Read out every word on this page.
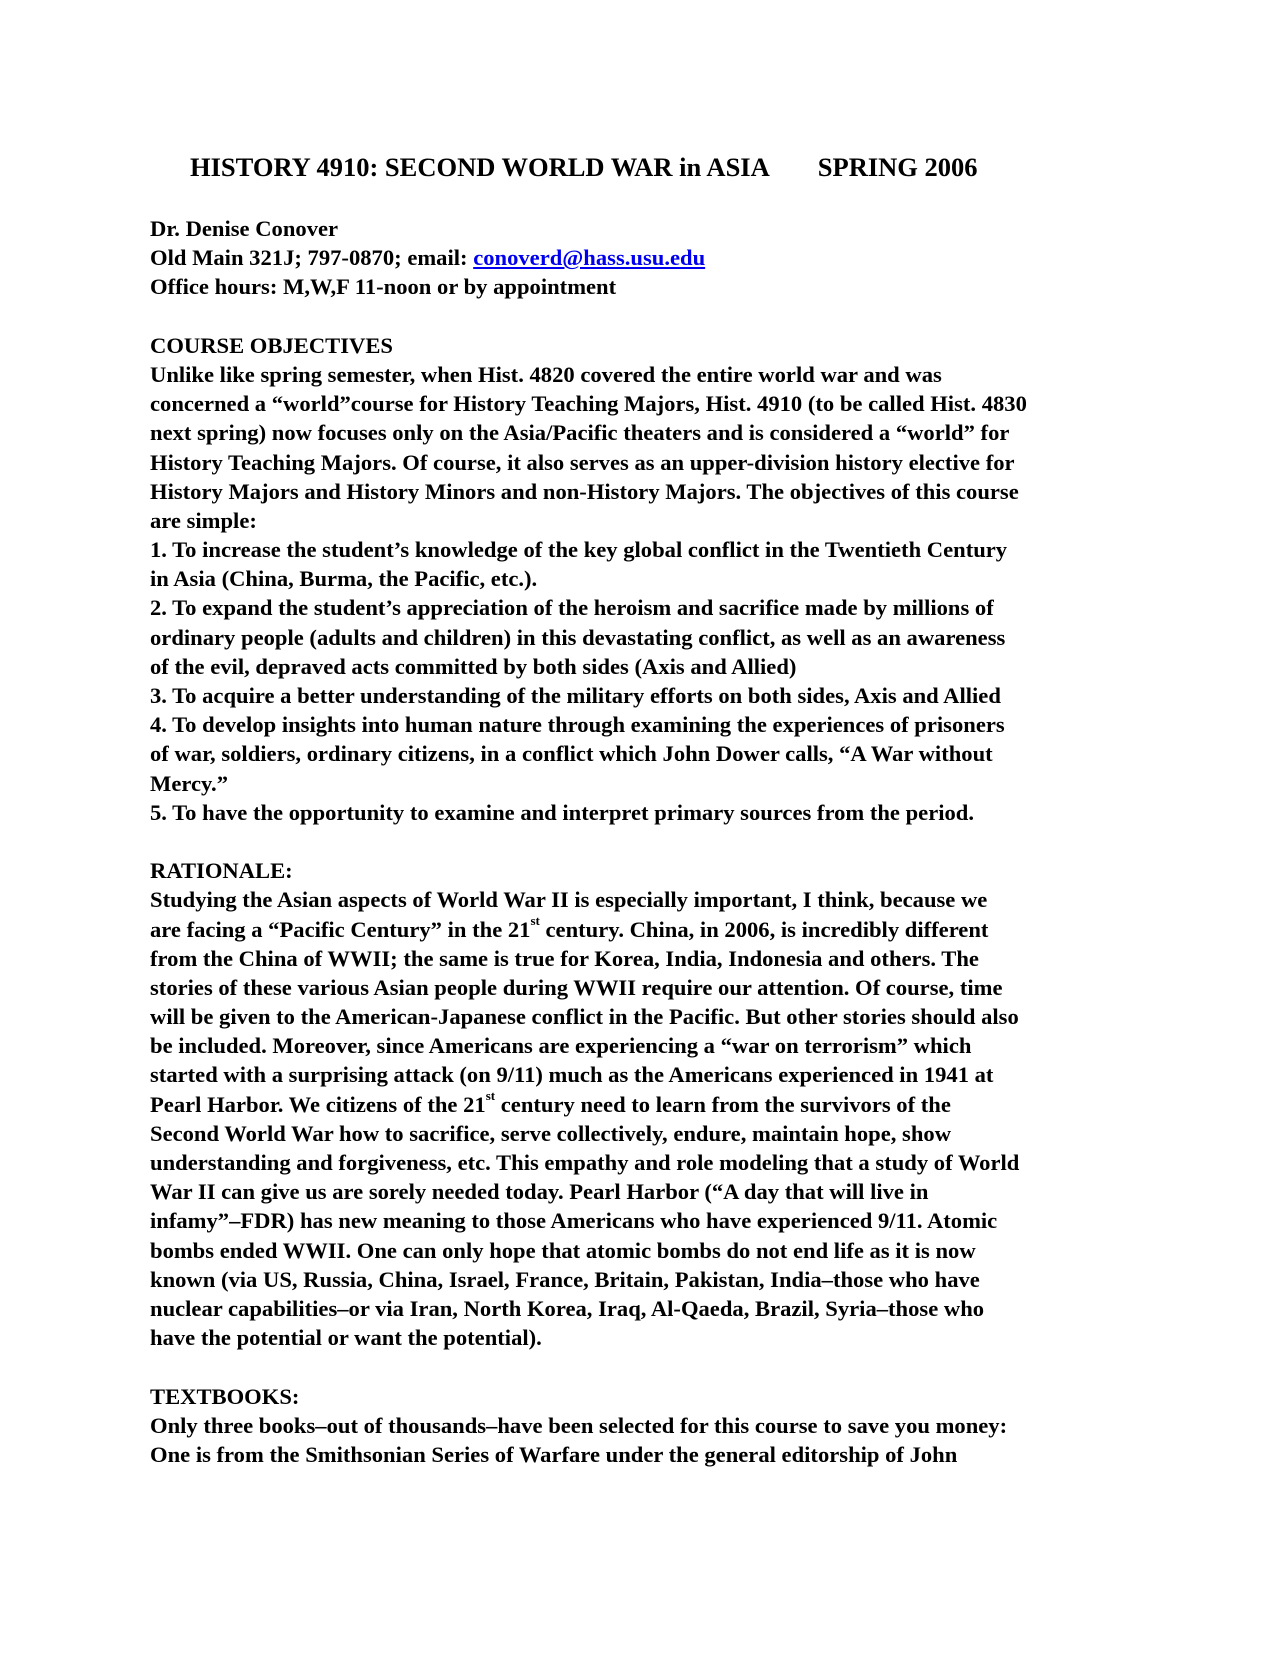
HISTORY 4910: SECOND WORLD WAR in ASIA SPRING 2006
Dr. Denise Conover
Old Main 321J; 797-0870; email: conoverd@hass.usu.edu
Office hours: M,W,F 11-noon or by appointment
COURSE OBJECTIVES
Unlike like spring semester, when Hist. 4820 covered the entire world war and was
concerned a “world”course for History Teaching Majors, Hist. 4910 (to be called Hist. 4830
next spring) now focuses only on the Asia/Pacific theaters and is considered a “world” for
History Teaching Majors. Of course, it also serves as an upper-division history elective for
History Majors and History Minors and non-History Majors. The objectives of this course
are simple:
1. To increase the student’s knowledge of the key global conflict in the Twentieth Century
in Asia (China, Burma, the Pacific, etc.).
2. To expand the student’s appreciation of the heroism and sacrifice made by millions of
ordinary people (adults and children) in this devastating conflict, as well as an awareness
of the evil, depraved acts committed by both sides (Axis and Allied)
3. To acquire a better understanding of the military efforts on both sides, Axis and Allied
4. To develop insights into human nature through examining the experiences of prisoners
of war, soldiers, ordinary citizens, in a conflict which John Dower calls, “A War without
Mercy.”
5. To have the opportunity to examine and interpret primary sources from the period.
RATIONALE:
Studying the Asian aspects of World War II is especially important, I think, because we
are facing a “Pacific Century” in the 21st century. China, in 2006, is incredibly different
from the China of WWII; the same is true for Korea, India, Indonesia and others. The
stories of these various Asian people during WWII require our attention. Of course, time
will be given to the American-Japanese conflict in the Pacific. But other stories should also
be included. Moreover, since Americans are experiencing a “war on terrorism” which
started with a surprising attack (on 9/11) much as the Americans experienced in 1941 at
Pearl Harbor. We citizens of the 21st century need to learn from the survivors of the
Second World War how to sacrifice, serve collectively, endure, maintain hope, show
understanding and forgiveness, etc. This empathy and role modeling that a study of World
War II can give us are sorely needed today. Pearl Harbor (“A day that will live in
infamy”–FDR) has new meaning to those Americans who have experienced 9/11. Atomic
bombs ended WWII. One can only hope that atomic bombs do not end life as it is now
known (via US, Russia, China, Israel, France, Britain, Pakistan, India–those who have
nuclear capabilities–or via Iran, North Korea, Iraq, Al-Qaeda, Brazil, Syria–those who
have the potential or want the potential).
TEXTBOOKS:
Only three books–out of thousands–have been selected for this course to save you money:
One is from the Smithsonian Series of Warfare under the general editorship of John
